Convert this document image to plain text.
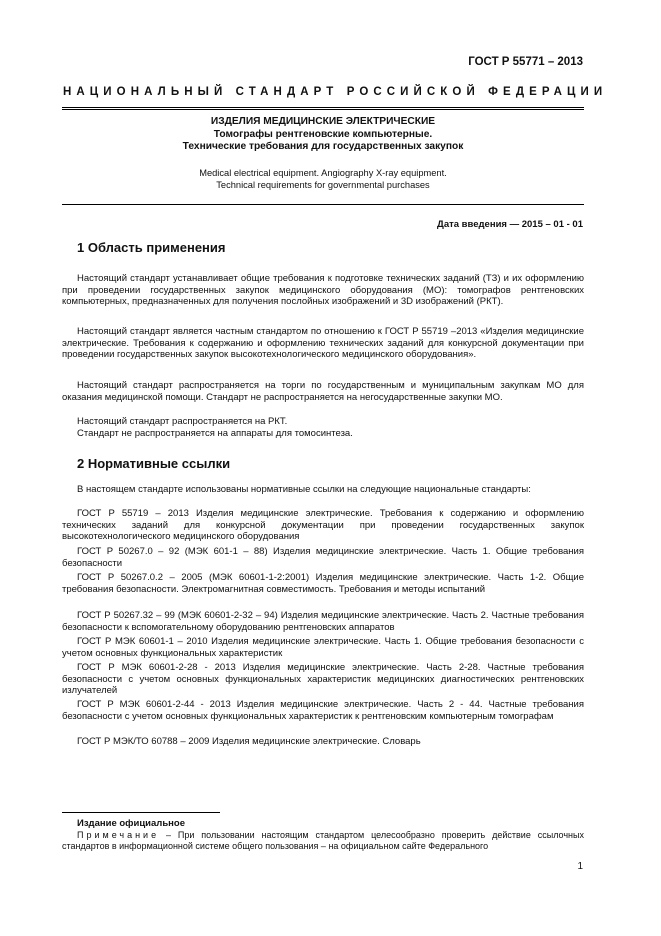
ГОСТ Р 55771 – 2013
НАЦИОНАЛЬНЫЙ СТАНДАРТ РОССИЙСКОЙ ФЕДЕРАЦИИ
ИЗДЕЛИЯ МЕДИЦИНСКИЕ ЭЛЕКТРИЧЕСКИЕ
Томографы рентгеновские компьютерные.
Технические требования для государственных закупок
Medical electrical equipment. Angiography X-ray equipment.
Technical requirements for governmental purchases
Дата введения — 2015 – 01 - 01
1 Область применения
Настоящий стандарт устанавливает общие требования к подготовке технических заданий (ТЗ) и их оформлению при проведении государственных закупок медицинского оборудования (МО): томографов рентгеновских компьютерных, предназначенных для получения послойных изображений и 3D изображений (РКТ).
Настоящий стандарт является частным стандартом по отношению к ГОСТ Р 55719 –2013 «Изделия медицинские электрические. Требования к содержанию и оформлению технических заданий для конкурсной документации при проведении государственных закупок высокотехнологического медицинского оборудования».
Настоящий стандарт распространяется на торги по государственным и муниципальным закупкам МО для оказания медицинской помощи. Стандарт не распространяется на негосударственные закупки МО.
Настоящий стандарт распространяется на РКТ.
Стандарт не распространяется на аппараты для томосинтеза.
2 Нормативные ссылки
В настоящем стандарте использованы нормативные ссылки на следующие национальные стандарты:
ГОСТ Р 55719 – 2013 Изделия медицинские электрические. Требования к содержанию и оформлению технических заданий для конкурсной документации при проведении государственных закупок высокотехнологического медицинского оборудования
ГОСТ Р 50267.0 – 92 (МЭК 601-1 – 88) Изделия медицинские электрические. Часть 1. Общие требования безопасности
ГОСТ Р 50267.0.2 – 2005 (МЭК 60601-1-2:2001) Изделия медицинские электрические. Часть 1-2. Общие требования безопасности. Электромагнитная совместимость. Требования и методы испытаний
ГОСТ Р 50267.32 – 99 (МЭК 60601-2-32 – 94) Изделия медицинские электрические. Часть 2. Частные требования безопасности к вспомогательному оборудованию рентгеновских аппаратов
ГОСТ Р МЭК 60601-1 – 2010 Изделия медицинские электрические. Часть 1. Общие требования безопасности с учетом основных функциональных характеристик
ГОСТ Р МЭК 60601-2-28 - 2013 Изделия медицинские электрические. Часть 2-28. Частные требования безопасности с учетом основных функциональных характеристик медицинских диагностических рентгеновских излучателей
ГОСТ Р МЭК 60601-2-44 - 2013 Изделия медицинские электрические. Часть 2 - 44. Частные требования безопасности с учетом основных функциональных характеристик к рентгеновским компьютерным томографам
ГОСТ Р МЭК/ТО 60788 – 2009 Изделия медицинские электрические. Словарь
Издание официальное
Примечание – При пользовании настоящим стандартом целесообразно проверить действие ссылочных стандартов в информационной системе общего пользования – на официальном сайте Федерального
1
